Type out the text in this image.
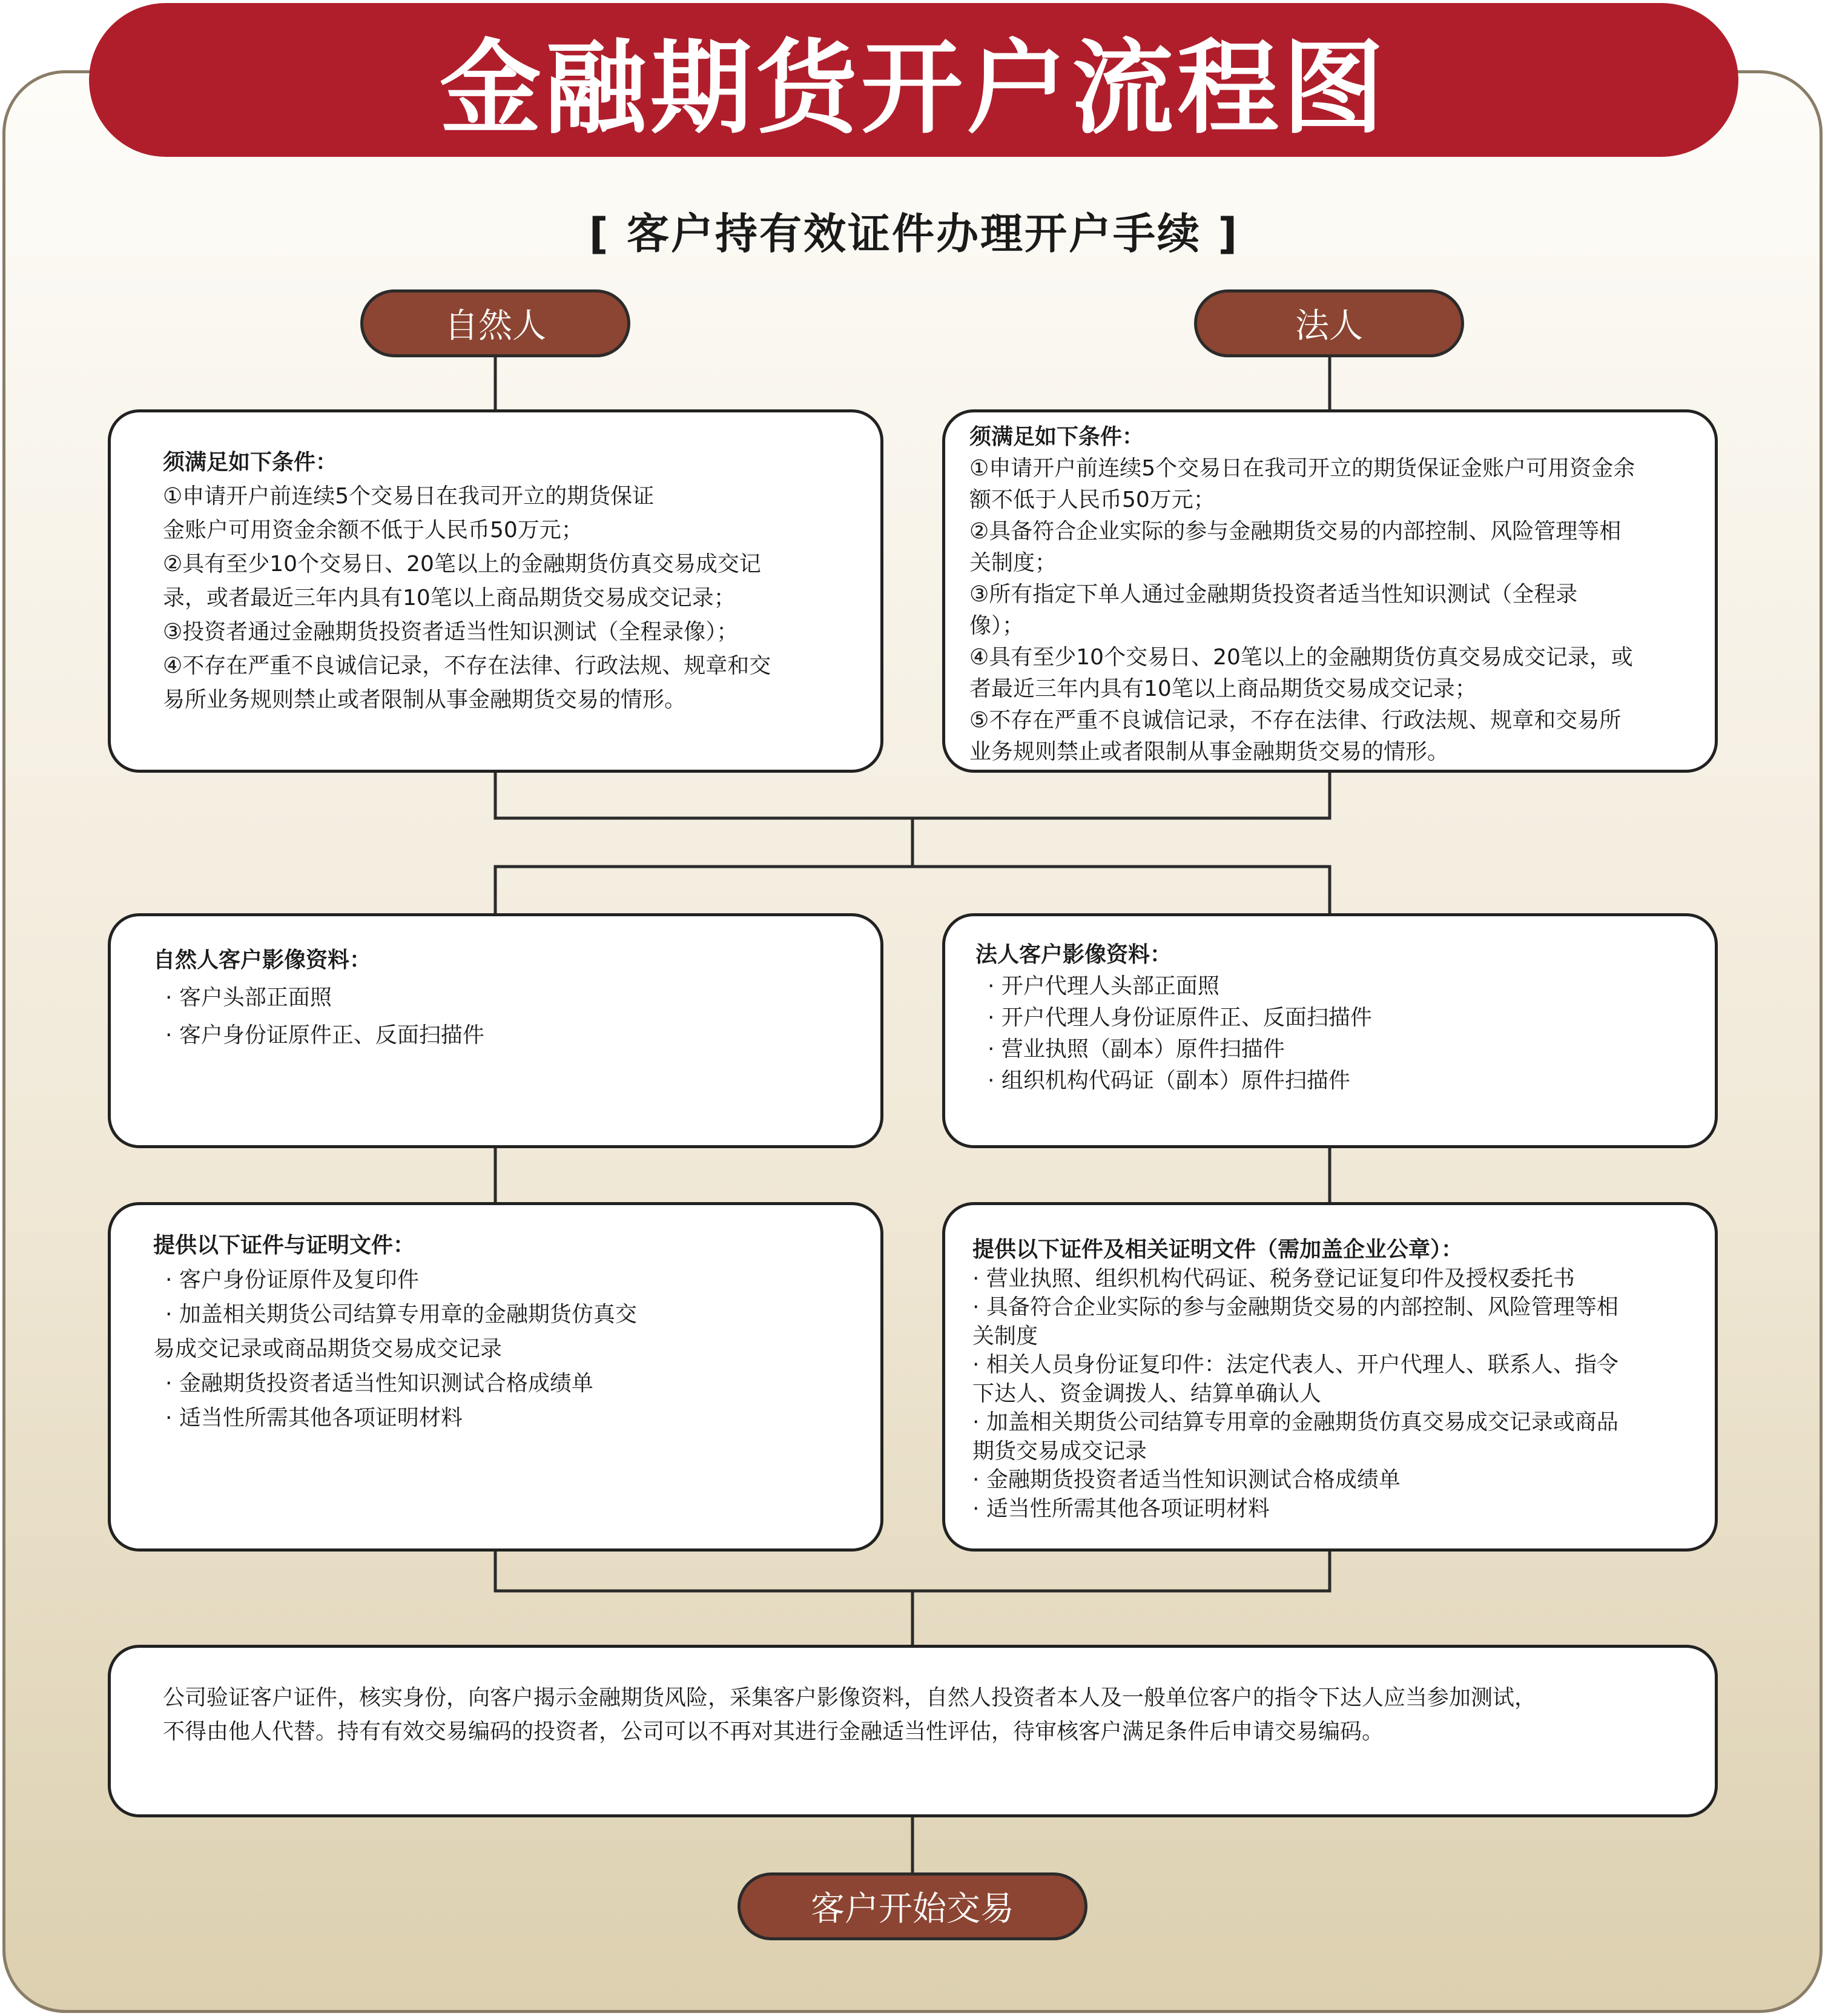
金融期货开户流程图
[ 客户持有效证件办理开户手续 ]
自然人	法人
须满足如下条件：
①申请开户前连续5个交易日在我司开立的期货保证
金账户可用资金余额不低于人民币50万元；
②具有至少10个交易日、20笔以上的金融期货仿真交易成交记
录，或者最近三年内具有10笔以上商品期货交易成交记录；
③投资者通过金融期货投资者适当性知识测试（全程录像）；
④不存在严重不良诚信记录，不存在法律、行政法规、规章和交
易所业务规则禁止或者限制从事金融期货交易的情形。
须满足如下条件：
①申请开户前连续5个交易日在我司开立的期货保证金账户可用资金余
额不低于人民币50万元；
②具备符合企业实际的参与金融期货交易的内部控制、风险管理等相
关制度；
③所有指定下单人通过金融期货投资者适当性知识测试（全程录
像）；
④具有至少10个交易日、20笔以上的金融期货仿真交易成交记录，或
者最近三年内具有10笔以上商品期货交易成交记录；
⑤不存在严重不良诚信记录，不存在法律、行政法规、规章和交易所
业务规则禁止或者限制从事金融期货交易的情形。
自然人客户影像资料：
· 客户头部正面照
· 客户身份证原件正、反面扫描件
法人客户影像资料：
· 开户代理人头部正面照
· 开户代理人身份证原件正、反面扫描件
· 营业执照（副本）原件扫描件
· 组织机构代码证（副本）原件扫描件
提供以下证件与证明文件：
· 客户身份证原件及复印件
· 加盖相关期货公司结算专用章的金融期货仿真交
易成交记录或商品期货交易成交记录
· 金融期货投资者适当性知识测试合格成绩单
· 适当性所需其他各项证明材料
提供以下证件及相关证明文件（需加盖企业公章）：
· 营业执照、组织机构代码证、税务登记证复印件及授权委托书
· 具备符合企业实际的参与金融期货交易的内部控制、风险管理等相
关制度
· 相关人员身份证复印件：法定代表人、开户代理人、联系人、指令
下达人、资金调拨人、结算单确认人
· 加盖相关期货公司结算专用章的金融期货仿真交易成交记录或商品
期货交易成交记录
· 金融期货投资者适当性知识测试合格成绩单
· 适当性所需其他各项证明材料
公司验证客户证件，核实身份，向客户揭示金融期货风险，采集客户影像资料，自然人投资者本人及一般单位客户的指令下达人应当参加测试，
不得由他人代替。持有有效交易编码的投资者，公司可以不再对其进行金融适当性评估，待审核客户满足条件后申请交易编码。
客户开始交易
